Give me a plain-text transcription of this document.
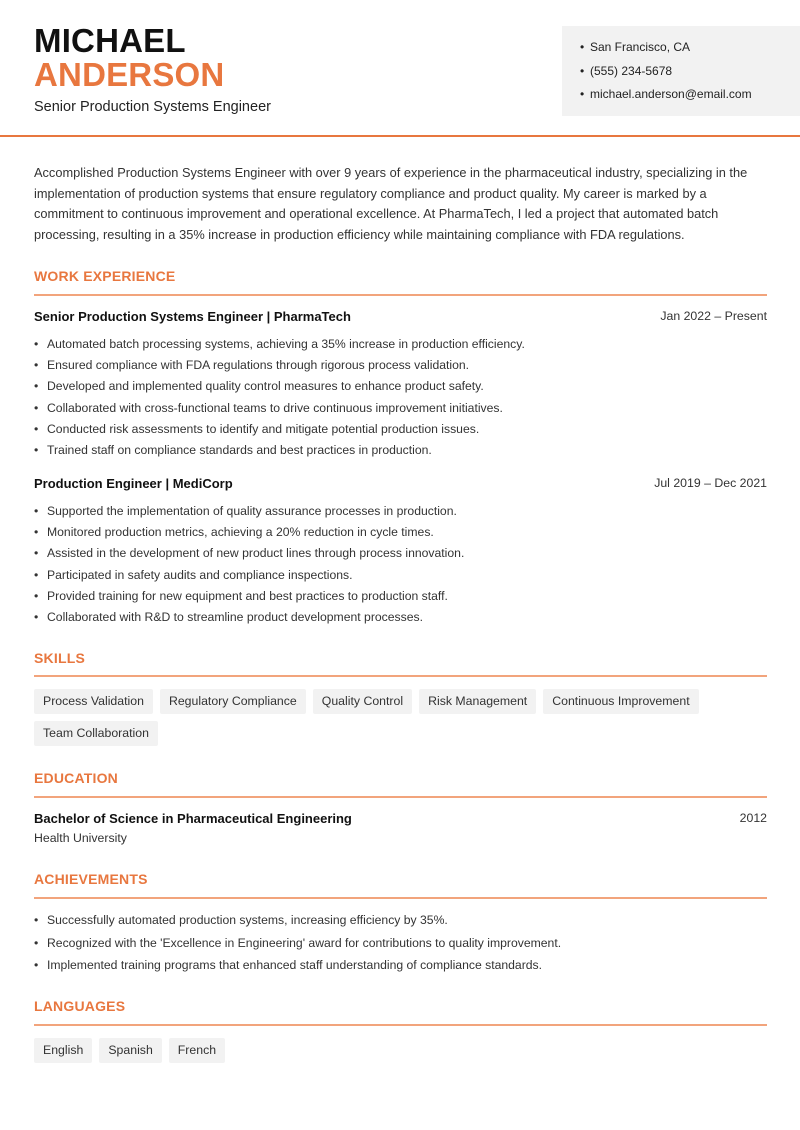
MICHAEL
ANDERSON
Senior Production Systems Engineer
• San Francisco, CA
• (555) 234-5678
• michael.anderson@email.com

Accomplished Production Systems Engineer with over 9 years of experience in the pharmaceutical industry, specializing in the implementation of production systems that ensure regulatory compliance and product quality. My career is marked by a commitment to continuous improvement and operational excellence. At PharmaTech, I led a project that automated batch processing, resulting in a 35% increase in production efficiency while maintaining compliance with FDA regulations.

WORK EXPERIENCE
Senior Production Systems Engineer | PharmaTech	Jan 2022 – Present
• Automated batch processing systems, achieving a 35% increase in production efficiency.
• Ensured compliance with FDA regulations through rigorous process validation.
• Developed and implemented quality control measures to enhance product safety.
• Collaborated with cross-functional teams to drive continuous improvement initiatives.
• Conducted risk assessments to identify and mitigate potential production issues.
• Trained staff on compliance standards and best practices in production.
Production Engineer | MediCorp	Jul 2019 – Dec 2021
• Supported the implementation of quality assurance processes in production.
• Monitored production metrics, achieving a 20% reduction in cycle times.
• Assisted in the development of new product lines through process innovation.
• Participated in safety audits and compliance inspections.
• Provided training for new equipment and best practices to production staff.
• Collaborated with R&D to streamline product development processes.
SKILLS
Process Validation	Regulatory Compliance	Quality Control	Risk Management	Continuous Improvement
Team Collaboration
EDUCATION
Bachelor of Science in Pharmaceutical Engineering	2012
Health University
ACHIEVEMENTS
• Successfully automated production systems, increasing efficiency by 35%.
• Recognized with the 'Excellence in Engineering' award for contributions to quality improvement.
• Implemented training programs that enhanced staff understanding of compliance standards.
LANGUAGES
English	Spanish	French
